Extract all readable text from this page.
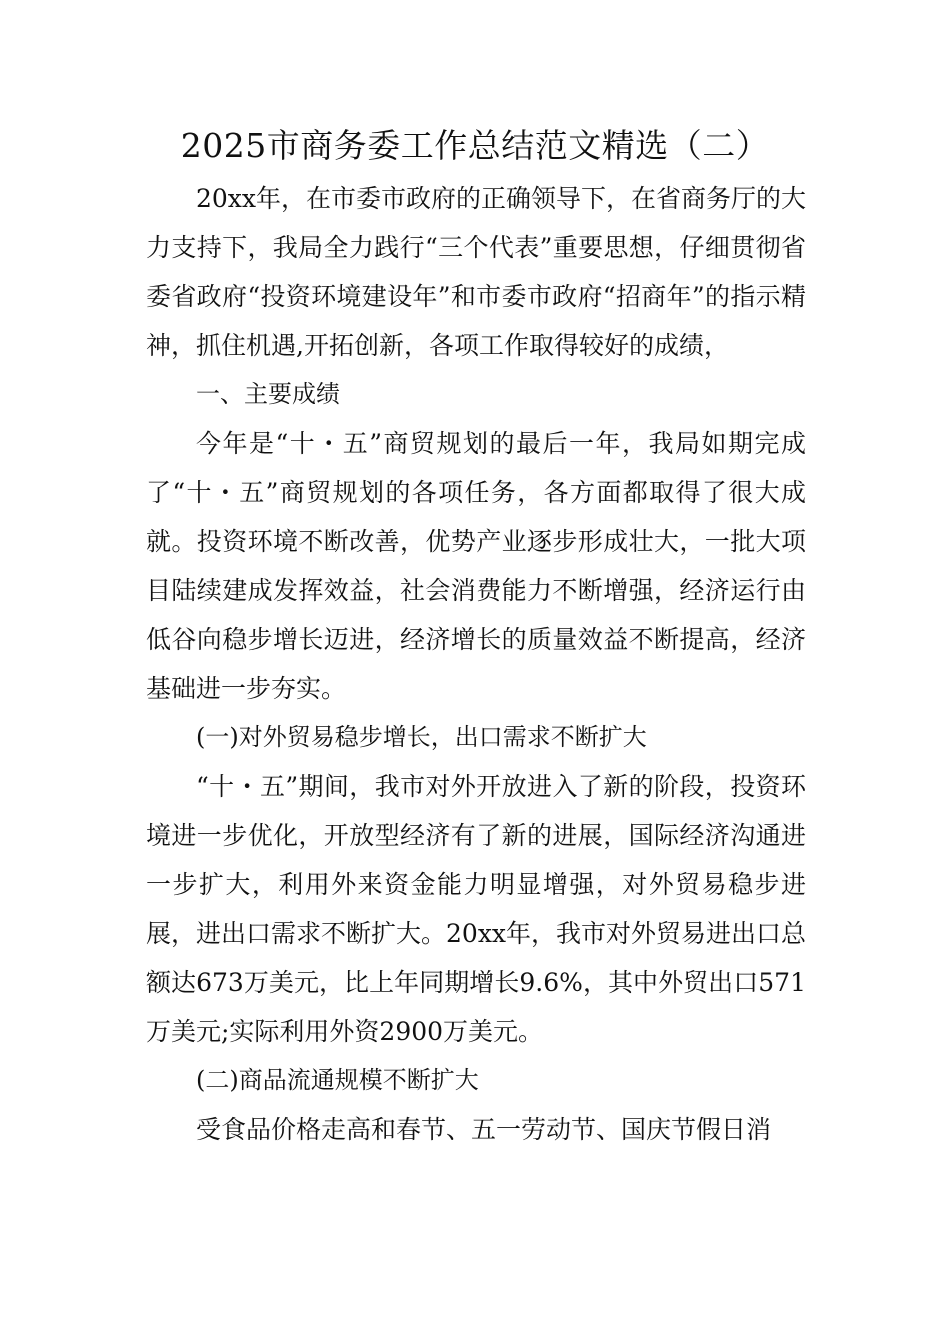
2025市商务委工作总结范文精选（二）

20xx年，在市委市政府的正确领导下，在省商务厅的大力支持下，我局全力践行“三个代表”重要思想，仔细贯彻省委省政府“投资环境建设年”和市委市政府“招商年”的指示精神，抓住机遇,开拓创新，各项工作取得较好的成绩，

一、主要成绩

今年是“十・五”商贸规划的最后一年，我局如期完成了“十・五”商贸规划的各项任务，各方面都取得了很大成就。投资环境不断改善，优势产业逐步形成壮大，一批大项目陆续建成发挥效益，社会消费能力不断增强，经济运行由低谷向稳步增长迈进，经济增长的质量效益不断提高，经济基础进一步夯实。

(一)对外贸易稳步增长，出口需求不断扩大

“十・五”期间，我市对外开放进入了新的阶段，投资环境进一步优化，开放型经济有了新的进展，国际经济沟通进一步扩大，利用外来资金能力明显增强，对外贸易稳步进展，进出口需求不断扩大。20xx年，我市对外贸易进出口总额达673万美元，比上年同期增长9.6%，其中外贸出口571万美元;实际利用外资2900万美元。

(二)商品流通规模不断扩大

受食品价格走高和春节、五一劳动节、国庆节假日消
